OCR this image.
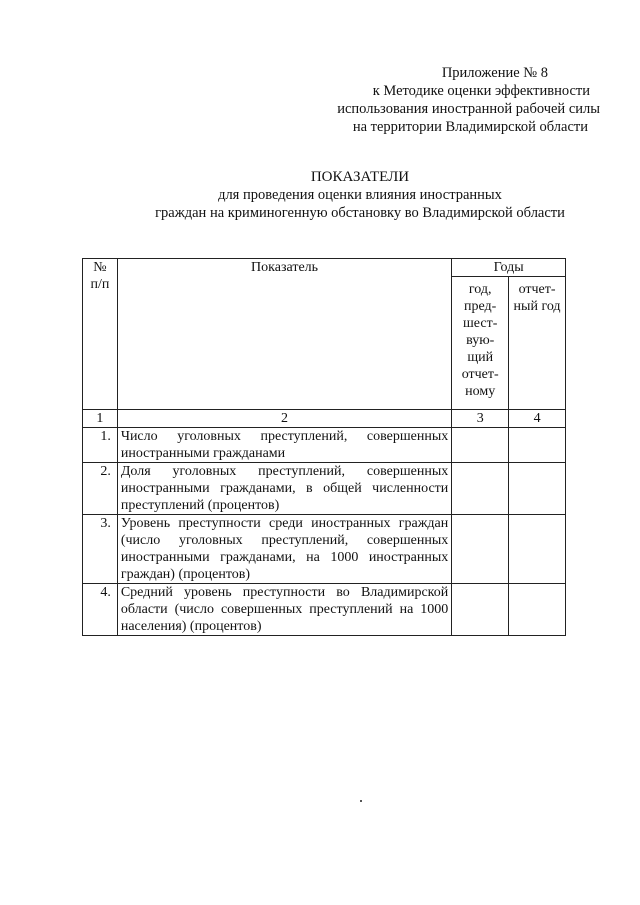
Приложение № 8
к Методике оценки эффективности
использования иностранной рабочей силы
на территории Владимирской области
ПОКАЗАТЕЛИ
для проведения оценки влияния иностранных
граждан на криминогенную обстановку во Владимирской области
№ п/п	Показатель	Годы	
		год, пред-шест-вую-щий отчет-ному	отчет-ный год
1	2	3	4
1.	Число уголовных преступлений, совершенных иностранными гражданами		
2.	Доля уголовных преступлений, совершенных иностранными гражданами, в общей численности преступлений (процентов)		
3.	Уровень преступности среди иностранных граждан (число уголовных преступлений, совершенных иностранными гражданами, на 1000 иностранных граждан) (процентов)		
4.	Средний уровень преступности во Владимирской области (число совершенных преступлений на 1000 населения) (процентов)		
